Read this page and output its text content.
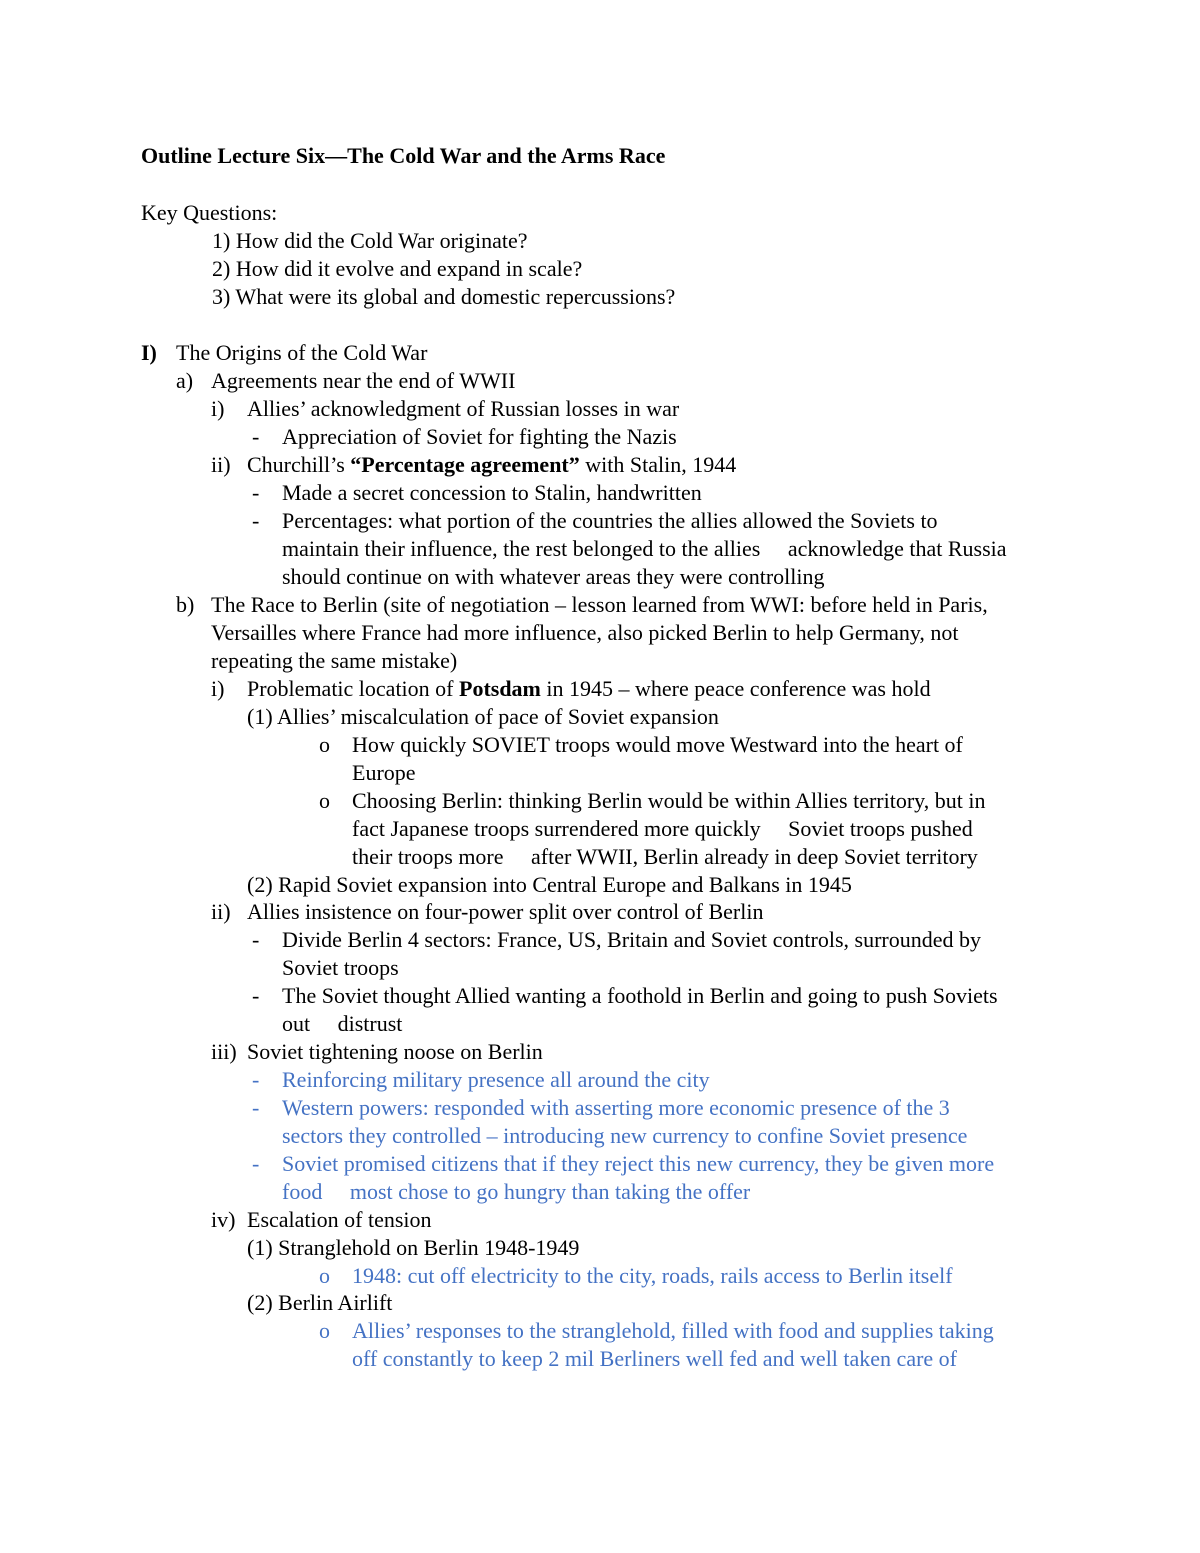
Outline Lecture Six—The Cold War and the Arms Race
Key Questions:
1) How did the Cold War originate?
2) How did it evolve and expand in scale?
3) What were its global and domestic repercussions?
I) The Origins of the Cold War
a) Agreements near the end of WWII
i) Allies’ acknowledgment of Russian losses in war
- Appreciation of Soviet for fighting the Nazis
ii) Churchill’s “Percentage agreement” with Stalin, 1944
- Made a secret concession to Stalin, handwritten
- Percentages: what portion of the countries the allies allowed the Soviets to
maintain their influence, the rest belonged to the allies     acknowledge that Russia
should continue on with whatever areas they were controlling
b) The Race to Berlin (site of negotiation – lesson learned from WWI: before held in Paris,
Versailles where France had more influence, also picked Berlin to help Germany, not
repeating the same mistake)
i) Problematic location of Potsdam in 1945 – where peace conference was hold
(1) Allies’ miscalculation of pace of Soviet expansion
o How quickly SOVIET troops would move Westward into the heart of
Europe
o Choosing Berlin: thinking Berlin would be within Allies territory, but in
fact Japanese troops surrendered more quickly     Soviet troops pushed
their troops more     after WWII, Berlin already in deep Soviet territory
(2) Rapid Soviet expansion into Central Europe and Balkans in 1945
ii) Allies insistence on four-power split over control of Berlin
- Divide Berlin 4 sectors: France, US, Britain and Soviet controls, surrounded by
Soviet troops
- The Soviet thought Allied wanting a foothold in Berlin and going to push Soviets
out     distrust
iii) Soviet tightening noose on Berlin
- Reinforcing military presence all around the city
- Western powers: responded with asserting more economic presence of the 3
sectors they controlled – introducing new currency to confine Soviet presence
- Soviet promised citizens that if they reject this new currency, they be given more
food     most chose to go hungry than taking the offer
iv) Escalation of tension
(1) Stranglehold on Berlin 1948-1949
o 1948: cut off electricity to the city, roads, rails access to Berlin itself
(2) Berlin Airlift
o Allies’ responses to the stranglehold, filled with food and supplies taking
off constantly to keep 2 mil Berliners well fed and well taken care of
